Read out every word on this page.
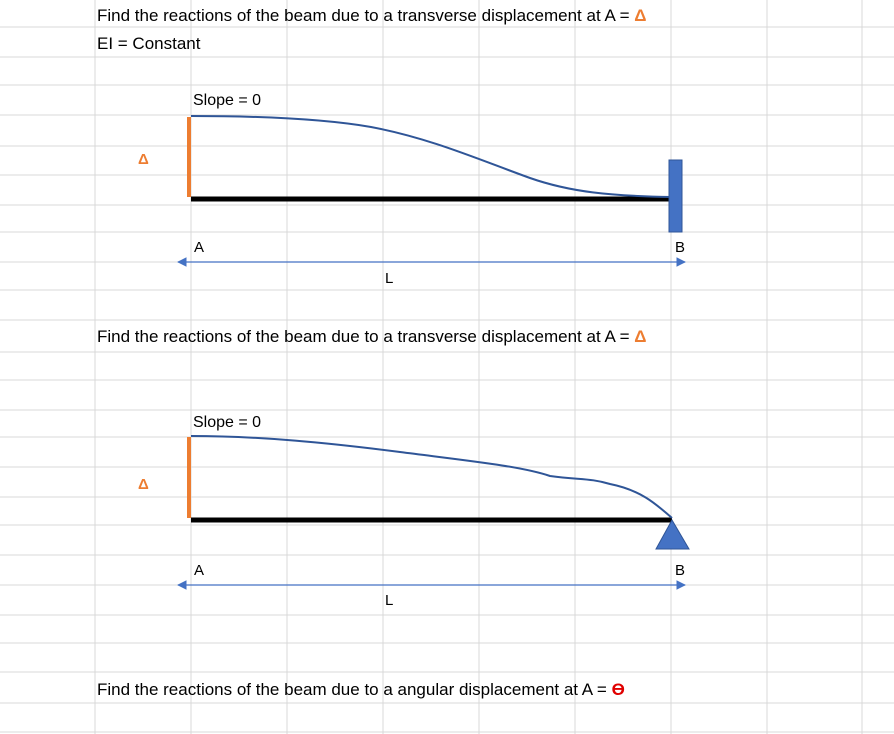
Find the reactions of the beam due to a transverse displacement at A = Δ
EI = Constant
Slope = 0
Δ
A	B
L
Find the reactions of the beam due to a transverse displacement at A = Δ
Slope = 0
Δ
A	B
L
Find the reactions of the beam due to a angular displacement at A = ϴ
